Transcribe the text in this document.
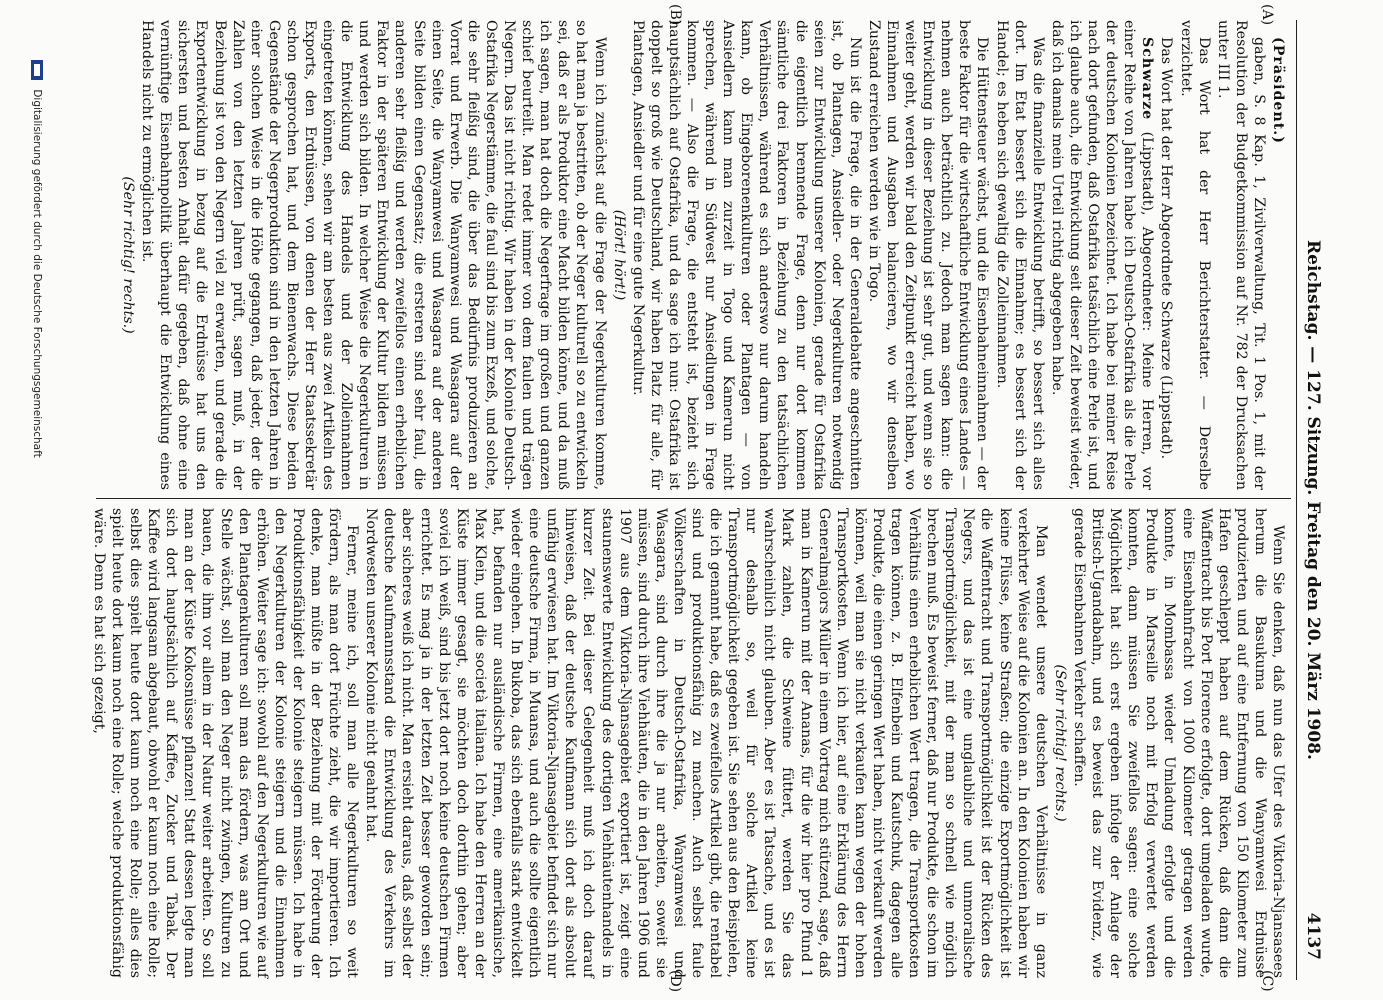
Reichstag. — 127. Sitzung. Freitag den 20. März 1908.
4137
(A)
(B)
(C)
(D)

(Präsident.)

gaben, S. 8 Kap. 1, Zivilverwaltung, Tit. 1 Pos. 1, mit der Resolution der Budgetkommission auf Nr. 782 der Drucksachen unter III 1.

Das Wort hat der Herr Berichterstatter. — Derselbe verzichtet.

Das Wort hat der Herr Abgeordnete Schwarze (Lippstadt).

Schwarze (Lippstadt), Abgeordneter: Meine Herren, vor einer Reihe von Jahren habe ich Deutsch-Ostafrika als die Perle der deutschen Kolonien bezeichnet. Ich habe bei meiner Reise nach dort gefunden, daß Ostafrika tatsächlich eine Perle ist, und ich glaube auch, die Entwicklung seit dieser Zeit beweist wieder, daß ich damals mein Urteil richtig abgegeben habe.

Was die finanzielle Entwicklung betrifft, so bessert sich alles dort. Im Etat bessert sich die Einnahme; es bessert sich der Handel; es heben sich gewaltig die Zolleinnahmen.

Die Hüttensteuer wächst, und die Eisenbahneinnahmen — der beste Faktor für die wirtschaftliche Entwicklung eines Landes — nehmen auch beträchtlich zu. Jedoch man sagen kann: die Entwicklung in dieser Beziehung ist sehr gut, und wenn sie so weiter geht, werden wir bald den Zeitpunkt erreicht haben, wo Einnahmen und Ausgaben balancieren, wo wir denselben Zustand erreichen werden wie in Togo.

Nun ist die Frage, die in der Generaldebatte angeschnitten ist, ob Plantagen, Ansiedler- oder Negerkulturen notwendig seien zur Entwicklung unserer Kolonien, gerade für Ostafrika die eigentlich brennende Frage, denn nur dort kommen sämtliche drei Faktoren in Beziehung zu den tatsächlichen Verhältnissen, während es sich anderswo nur darum handeln kann, ob Eingeborenenkulturen oder Plantagen — von Ansiedlern kann man zurzeit in Togo und Kamerun nicht sprechen, während in Südwest nur Ansiedlungen in Frage kommen. — Also die Frage, die entsteht ist, bezieht sich hauptsächlich auf Ostafrika, und da sage ich nun: Ostafrika ist doppelt so groß wie Deutschland, wir haben Platz für alle, für Plantagen, Ansiedler und für eine gute Negerkultur.

(Hört! hört!)

Wenn ich zunächst auf die Frage der Negerkulturen komme, so hat man ja bestritten, ob der Neger kulturell so zu entwickeln sei, daß er als Produktor eine Macht bilden könne, und da muß ich sagen, man hat doch die Negerfrage im großen und ganzen schief beurteilt. Man redet immer von dem faulen und trägen Negern. Das ist nicht richtig. Wir haben in der Kolonie Deutsch-Ostafrika Negerstämme, die faul sind bis zum Exzeß, und solche, die sehr fleißig sind, die über das Bedürfnis produzieren an Vorrat und Erwerb. Die Wanyamwesi und Wasagara auf der einen Seite, die Wanyamwesi und Wasagara auf der anderen Seite bilden einen Gegensatz; die ersteren sind sehr faul, die anderen sehr fleißig und werden zweifellos einen erheblichen Faktor in der späteren Entwicklung der Kultur bilden müssen und werden sich bilden. In welcher Weise die Negerkulturen in die Entwicklung des Handels und der Zolleinnahmen eingetreten können, sehen wir am besten aus zwei Artikeln des Exports, den Erdnüssen, von denen der Herr Staatssekretär schon gesprochen hat, und dem Bienenwachs. Diese beiden Gegenstände der Negerproduktion sind in den letzten Jahren in einer solchen Weise in die Höhe gegangen, daß jeder, der die Zahlen von den letzten Jahren prüft, sagen muß, in der Beziehung ist von den Negern viel zu erwarten, und gerade die Exportentwicklung in bezug auf die Erdnüsse hat uns den sichersten und besten Anhalt dafür gegeben, daß ohne eine vernünftige Eisenbahnpolitik überhaupt die Entwicklung eines Handels nicht zu ermöglichen ist.

(Sehr richtig! rechts.)

Wenn Sie denken, daß nun das Ufer des Viktoria-Njansasees herum die Basukuma und die Wanyamwesi Erdnüsse produzierten und auf eine Entfernung von 150 Kilometer zum Hafen geschleppt haben auf dem Rücken, daß dann die Waffentracht bis Port Florence erfolgte, dort umgeladen wurde, eine Eisenbahnfracht von 1000 Kilometer getragen werden konnte, in Mombassa wieder Umladung erfolgte und die Produkte in Marseille noch mit Erfolg verwertet werden konnten, dann müssen Sie zweifellos sagen: eine solche Möglichkeit hat sich erst ergeben infolge der Anlage der Britisch-Ugandabahn, und es beweist das zur Evidenz, wie gerade Eisenbahnen Verkehr schaffen.

(Sehr richtig! rechts.)

Man wendet unsere deutschen Verhältnisse in ganz verkehrter Weise auf die Kolonien an. In den Kolonien haben wir keine Flüsse, keine Straßen; die einzige Exportmöglichkeit ist die Waffentracht und Transportmöglichkeit ist der Rücken des Negers, und das ist eine unglaubliche und unmoralische Transportmöglichkeit, mit der man so schnell wie möglich brechen muß. Es beweist ferner, daß nur Produkte, die schon im Verhältnis einen erheblichen Wert tragen, die Transportkosten tragen können, z. B. Elfenbein und Kautschuk, dagegen alle Produkte, die einen geringen Wert haben, nicht verkauft werden können, weil man sie nicht verkaufen kann wegen der hohen Transportkosten. Wenn ich hier, auf eine Erklärung des Herrn Generalmajors Müller in einem Vortrag mich stützend, sage, daß man in Kamerun mit der Ananas, für die wir hier pro Pfund 1 Mark zahlen, die Schweine füttert, werden Sie das wahrscheinlich nicht glauben. Aber es ist Tatsache, und es ist nur deshalb so, weil für solche Artikel keine Transportmöglichkeit gegeben ist. Sie sehen aus den Beispielen, die ich genannt habe, daß es zweifellos Artikel gibt, die rentabel sind und produktionsfähig zu machen. Auch selbst faule Völkerschaften in Deutsch-Ostafrika, Wanyamwesi und Wasagara, sind durch ihre die ja nur arbeiten, soweit sie müssen, sind durch ihre Viehhäuten, die in den Jahren 1906 und 1907 aus dem Viktoria-Njansagebiet exportiert ist, zeigt eine staunenswerte Entwicklung des dortigen Viehhäutenhandels in kurzer Zeit. Bei dieser Gelegenheit muß ich doch darauf hinweisen, daß der deutsche Kaufmann sich dort als absolut unfähig erwiesen hat. Im Viktoria-Njansagebiet befindet sich nur eine deutsche Firma, in Muansa, und auch die sollte eigentlich wieder eingehen. In Bukoba, das sich ebenfalls stark entwickelt hat, befanden nur ausländische Firmen, eine amerikanische, Max Klein, und die società italiana. Ich habe den Herren an der Küste immer gesagt, sie möchten doch dorthin gehen; aber soviel ich weiß, sind bis jetzt dort noch keine deutschen Firmen errichtet. Es mag ja in der letzten Zeit besser geworden sein; aber sicheres weiß ich nicht. Man ersieht daraus, daß selbst der deutsche Kaufmannsstand die Entwicklung des Verkehrs im Nordwesten unserer Kolonie nicht geahnt hat.

Ferner, meine ich, soll man alle Negerkulturen so weit fördern, als man dort Früchte zieht, die wir importieren. Ich denke, man müßte in der Beziehung mit der Förderung der Produktionsfähigkeit der Kolonie steigern müssen. Ich habe in den Negerkulturen der Kolonie steigern und die Einnahmen erhöhen. Weiter sage ich: sowohl auf den Negerkulturen wie auf den Plantagenkulturen soll man das fördern, was am Ort und Stelle wächst, soll man den Neger nicht zwingen, Kulturen zu bauen, die ihm vor allem in der Natur weiter arbeiten. So soll man an der Küste Kokosnüsse pflanzen! Statt dessen legte man sich dort hauptsächlich auf Kaffee, Zucker und Tabak. Der Kaffee wird langsam abgebaut, obwohl er kaum noch eine Rolle; selbst dies spielt heute dort kaum noch eine Rolle; alles dies spielt heute dort kaum noch eine Rolle; welche produktionsfähig wäre. Denn es hat sich gezeigt,

Digitalisierung gefördert durch die Deutsche Forschungsgemeinschaft
